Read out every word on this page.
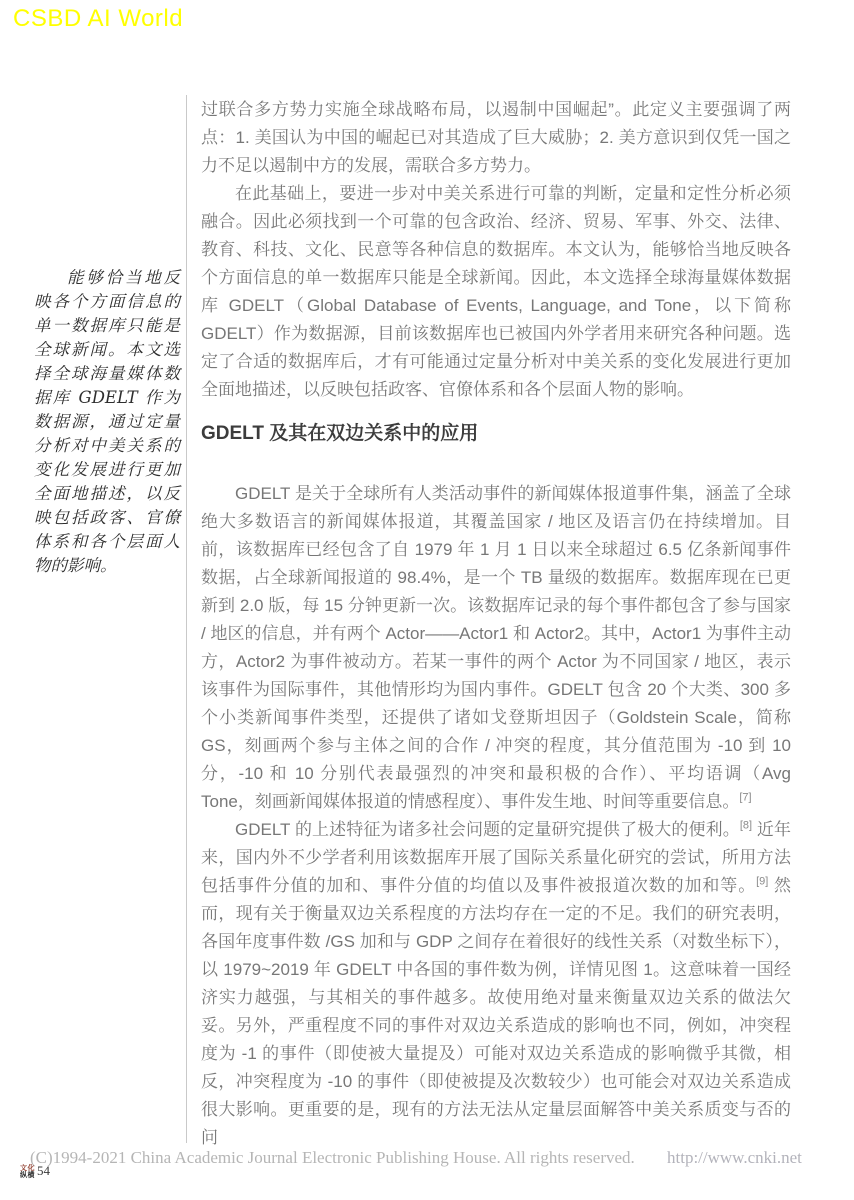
CSBD AI World
能够恰当地反映各个方面信息的单一数据库只能是全球新闻。本文选择全球海量媒体数据库 GDELT 作为数据源，通过定量分析对中美关系的变化发展进行更加全面地描述，以反映包括政客、官僚体系和各个层面人物的影响。

过联合多方势力实施全球战略布局，以遏制中国崛起”。此定义主要强调了两点：1. 美国认为中国的崛起已对其造成了巨大威胁；2. 美方意识到仅凭一国之力不足以遏制中方的发展，需联合多方势力。

在此基础上，要进一步对中美关系进行可靠的判断，定量和定性分析必须融合。因此必须找到一个可靠的包含政治、经济、贸易、军事、外交、法律、教育、科技、文化、民意等各种信息的数据库。本文认为，能够恰当地反映各个方面信息的单一数据库只能是全球新闻。因此，本文选择全球海量媒体数据库 GDELT（Global Database of Events, Language, and Tone，以下简称 GDELT）作为数据源，目前该数据库也已被国内外学者用来研究各种问题。选定了合适的数据库后，才有可能通过定量分析对中美关系的变化发展进行更加全面地描述，以反映包括政客、官僚体系和各个层面人物的影响。

GDELT 及其在双边关系中的应用

GDELT 是关于全球所有人类活动事件的新闻媒体报道事件集，涵盖了全球绝大多数语言的新闻媒体报道，其覆盖国家 / 地区及语言仍在持续增加。目前，该数据库已经包含了自 1979 年 1 月 1 日以来全球超过 6.5 亿条新闻事件数据，占全球新闻报道的 98.4%，是一个 TB 量级的数据库。数据库现在已更新到 2.0 版，每 15 分钟更新一次。该数据库记录的每个事件都包含了参与国家 / 地区的信息，并有两个 Actor——Actor1 和 Actor2。其中，Actor1 为事件主动方，Actor2 为事件被动方。若某一事件的两个 Actor 为不同国家 / 地区，表示该事件为国际事件，其他情形均为国内事件。GDELT 包含 20 个大类、300 多个小类新闻事件类型，还提供了诸如戈登斯坦因子（Goldstein Scale，简称 GS，刻画两个参与主体之间的合作 / 冲突的程度，其分值范围为 -10 到 10 分，-10 和 10 分别代表最强烈的冲突和最积极的合作）、平均语调（Avg Tone，刻画新闻媒体报道的情感程度）、事件发生地、时间等重要信息。[7]

GDELT 的上述特征为诸多社会问题的定量研究提供了极大的便利。[8] 近年来，国内外不少学者利用该数据库开展了国际关系量化研究的尝试，所用方法包括事件分值的加和、事件分值的均值以及事件被报道次数的加和等。[9] 然而，现有关于衡量双边关系程度的方法均存在一定的不足。我们的研究表明，各国年度事件数 /GS 加和与 GDP 之间存在着很好的线性关系（对数坐标下），以 1979~2019 年 GDELT 中各国的事件数为例，详情见图 1。这意味着一国经济实力越强，与其相关的事件越多。故使用绝对量来衡量双边关系的做法欠妥。另外，严重程度不同的事件对双边关系造成的影响也不同，例如，冲突程度为 -1 的事件（即使被大量提及）可能对双边关系造成的影响微乎其微，相反，冲突程度为 -10 的事件（即使被提及次数较少）也可能会对双边关系造成很大影响。更重要的是，现有的方法无法从定量层面解答中美关系质变与否的问

(C)1994-2021 China Academic Journal Electronic Publishing House. All rights reserved. http://www.cnki.net
文化
纵横 54
